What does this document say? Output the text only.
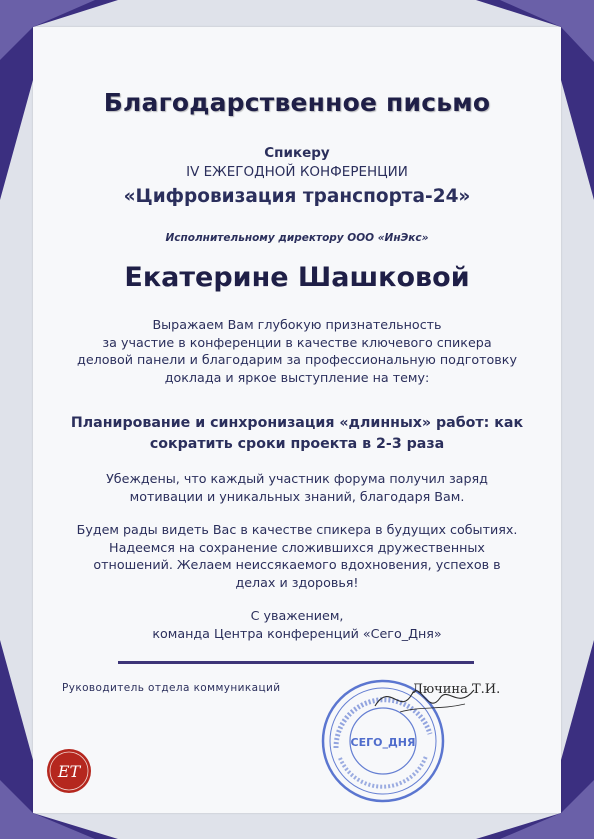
Благодарственное письмо
Спикеру
IV ЕЖЕГОДНОЙ КОНФЕРЕНЦИИ
«Цифровизация транспорта-24»
Исполнительному директору ООО «ИнЭкс»
Екатерине Шашковой
Выражаем Вам глубокую признательность
за участие в конференции в качестве ключевого спикера
деловой панели и благодарим за профессиональную подготовку
доклада и яркое выступление на тему:
Планирование и синхронизация «длинных» работ: как
сократить сроки проекта в 2-3 раза
Убеждены, что каждый участник форума получил заряд
мотивации и уникальных знаний, благодаря Вам.
Будем рады видеть Вас в качестве спикера в будущих событиях.
Надеемся на сохранение сложившихся дружественных
отношений. Желаем неиссякаемого вдохновения, успехов в
делах и здоровья!
С уважением,
команда Центра конференций «Сего_Дня»
Руководитель отдела коммуникаций
СЕГО_ДНЯ
Лючина Т.И.
ЕТ
